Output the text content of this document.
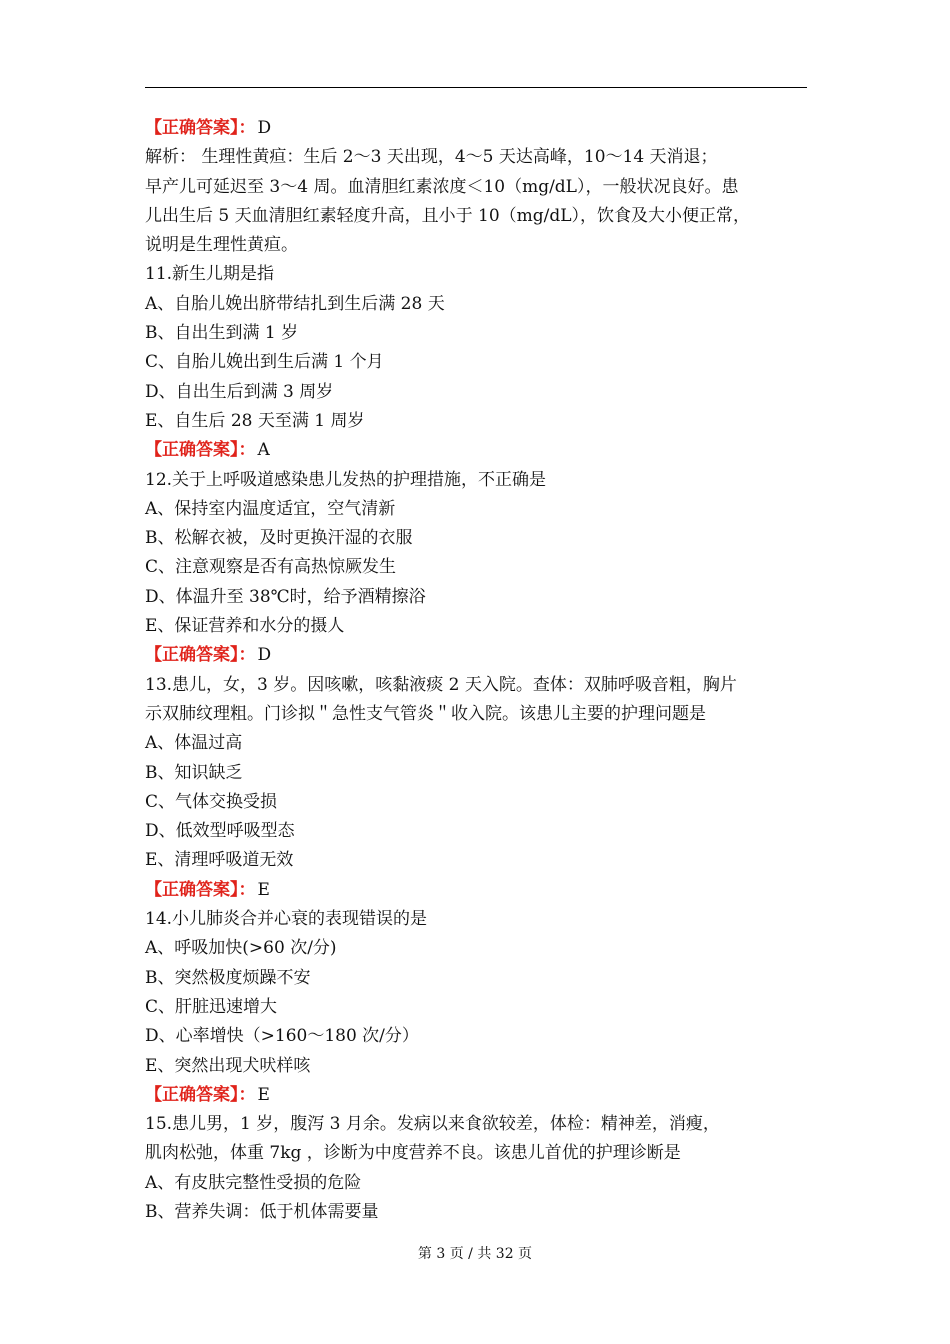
【正确答案】： D
解析： 生理性黄疸：生后 2～3 天出现，4～5 天达高峰，10～14 天消退；
早产儿可延迟至 3～4 周。血清胆红素浓度＜10（mg/dL），一般状况良好。患
儿出生后 5 天血清胆红素轻度升高，且小于 10（mg/dL），饮食及大小便正常，
说明是生理性黄疸。
11.新生儿期是指
A、自胎儿娩出脐带结扎到生后满 28 天
B、自出生到满 1 岁
C、自胎儿娩出到生后满 1 个月
D、自出生后到满 3 周岁
E、自生后 28 天至满 1 周岁
【正确答案】： A
12.关于上呼吸道感染患儿发热的护理措施，不正确是
A、保持室内温度适宜，空气清新
B、松解衣被，及时更换汗湿的衣服
C、注意观察是否有高热惊厥发生
D、体温升至 38℃时，给予酒精擦浴
E、保证营养和水分的摄人
【正确答案】： D
13.患儿，女，3 岁。因咳嗽，咳黏液痰 2 天入院。查体：双肺呼吸音粗，胸片
示双肺纹理粗。门诊拟＂急性支气管炎＂收入院。该患儿主要的护理问题是
A、体温过高
B、知识缺乏
C、气体交换受损
D、低效型呼吸型态
E、清理呼吸道无效
【正确答案】： E
14.小儿肺炎合并心衰的表现错误的是
A、呼吸加快(>60 次/分)
B、突然极度烦躁不安
C、肝脏迅速增大
D、心率增快（>160～180 次/分）
E、突然出现犬吠样咳
【正确答案】： E
15.患儿男，1 岁，腹泻 3 月余。发病以来食欲较差，体检：精神差，消瘦，
肌肉松弛，体重 7kg ，诊断为中度营养不良。该患儿首优的护理诊断是
A、有皮肤完整性受损的危险
B、营养失调：低于机体需要量
第 3 页 / 共 32 页
